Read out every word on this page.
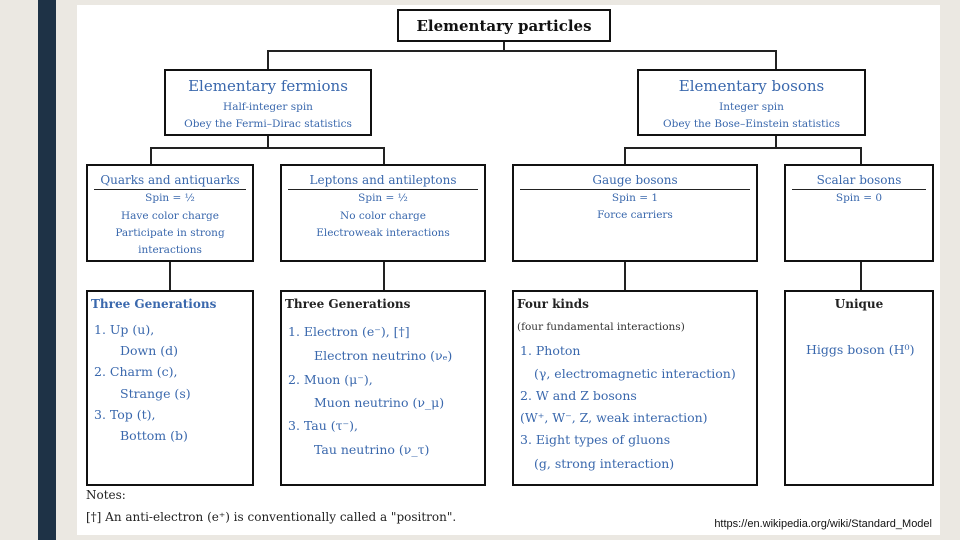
Elementary particles
Elementary fermions
Half-integer spin
Obey the Fermi–Dirac statistics
Elementary bosons
Integer spin
Obey the Bose–Einstein statistics
Quarks and antiquarks
Spin = ½
Have color charge
Participate in strong
interactions
Leptons and antileptons
Spin = ½
No color charge
Electroweak interactions
Gauge bosons
Spin = 1
Force carriers
Scalar bosons
Spin = 0
Three Generations
1. Up (u),
Down (d)
2. Charm (c),
Strange (s)
3. Top (t),
Bottom (b)
Three Generations
1. Electron (e⁻), [†]
Electron neutrino (νₑ)
2. Muon (μ⁻),
Muon neutrino (ν_μ)
3. Tau (τ⁻),
Tau neutrino (ν_τ)
Four kinds
(four fundamental interactions)
1. Photon
(γ, electromagnetic interaction)
2. W and Z bosons
(W⁺, W⁻, Z, weak interaction)
3. Eight types of gluons
(g, strong interaction)
Unique
Higgs boson (H⁰)
Notes:
[†] An anti-electron (e⁺) is conventionally called a "positron".	https://en.wikipedia.org/wiki/Standard_Model
